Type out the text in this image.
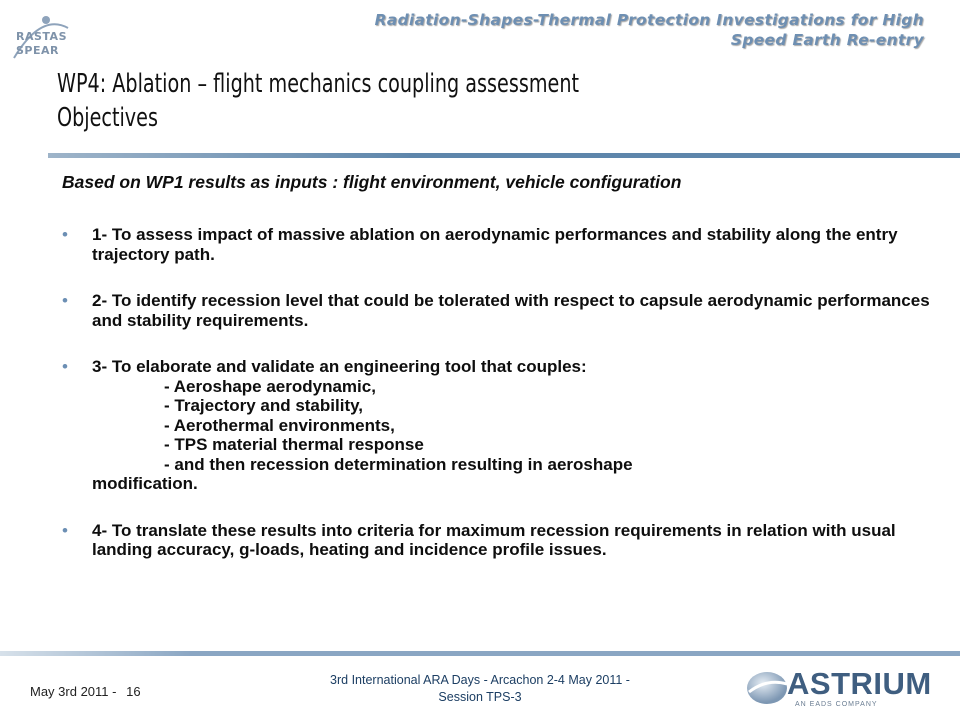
RASTAS
SPEAR
Radiation-Shapes-Thermal Protection Investigations for High
Speed Earth Re-entry
WP4: Ablation – flight mechanics coupling assessment
Objectives
Based on WP1 results as inputs : flight environment, vehicle configuration
• 1- To assess impact of massive ablation on aerodynamic performances and stability along the entry trajectory path.
• 2- To identify recession level that could be tolerated with respect to capsule aerodynamic performances and stability requirements.
• 3- To elaborate and validate an engineering tool that couples:
- Aeroshape aerodynamic,
- Trajectory and stability,
- Aerothermal environments,
- TPS material thermal response
- and then recession determination resulting in aeroshape
modification.
• 4- To translate these results into criteria for maximum recession requirements in relation with usual landing accuracy, g-loads, heating and incidence profile issues.
May 3rd 2011 - 16
3rd International ARA Days - Arcachon 2-4 May 2011 -
Session TPS-3	ASTRIUM
AN EADS COMPANY
